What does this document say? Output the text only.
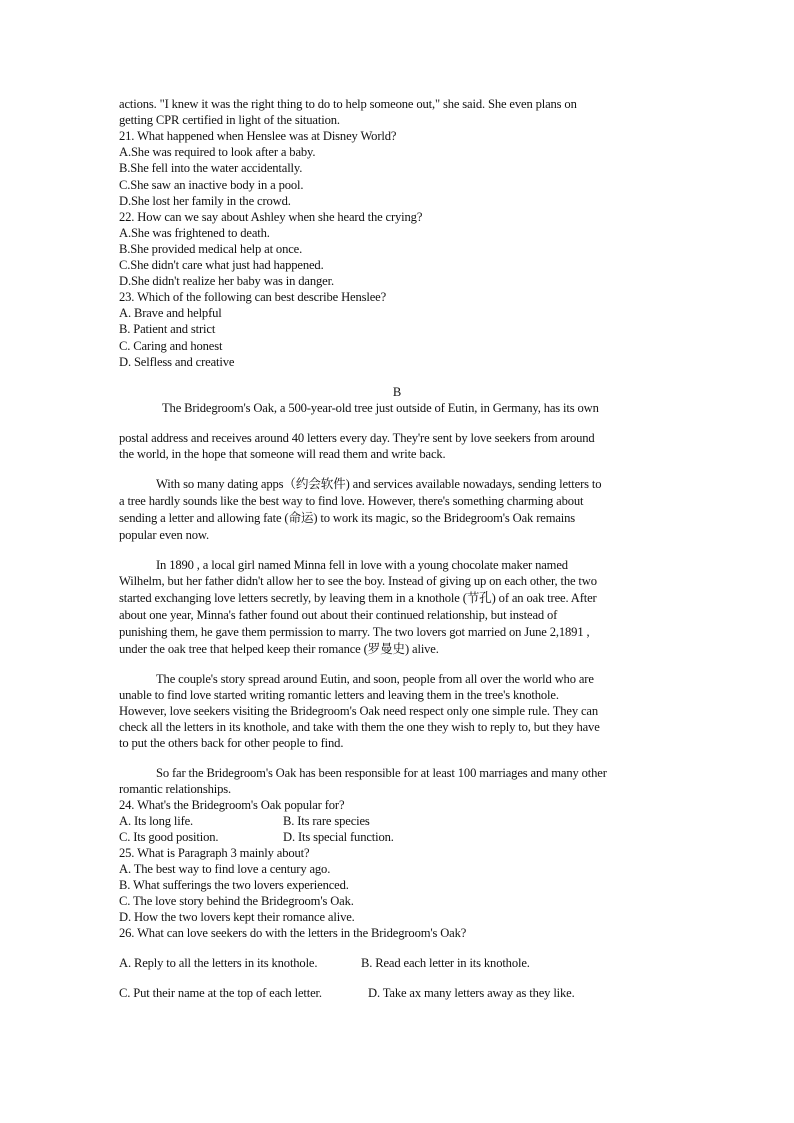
actions. "I knew it was the right thing to do to help someone out," she said. She even plans on
getting CPR certified in light of the situation.
21. What happened when Henslee was at Disney World?
A.She was required to look after a baby.
B.She fell into the water accidentally.
C.She saw an inactive body in a pool.
D.She lost her family in the crowd.
22. How can we say about Ashley when she heard the crying?
A.She was frightened to death.
B.She provided medical help at once.
C.She didn't care what just had happened.
D.She didn't realize her baby was in danger.
23. Which of the following can best describe Henslee?
A. Brave and helpful
B. Patient and strict
C. Caring and honest
D. Selfless and creative
B
The Bridegroom's Oak, a 500-year-old tree just outside of Eutin, in Germany, has its own
postal address and receives around 40 letters every day. They're sent by love seekers from around
the world, in the hope that someone will read them and write back.
With so many dating apps（约会软件) and services available nowadays, sending letters to
a tree hardly sounds like the best way to find love. However, there's something charming about
sending a letter and allowing fate (命运) to work its magic, so the Bridegroom's Oak remains
popular even now.
In 1890 , a local girl named Minna fell in love with a young chocolate maker named
Wilhelm, but her father didn't allow her to see the boy. Instead of giving up on each other, the two
started exchanging love letters secretly, by leaving them in a knothole (节孔) of an oak tree. After
about one year, Minna's father found out about their continued relationship, but instead of
punishing them, he gave them permission to marry. The two lovers got married on June 2,1891 ,
under the oak tree that helped keep their romance (罗曼史) alive.
The couple's story spread around Eutin, and soon, people from all over the world who are
unable to find love started writing romantic letters and leaving them in the tree's knothole.
However, love seekers visiting the Bridegroom's Oak need respect only one simple rule. They can
check all the letters in its knothole, and take with them the one they wish to reply to, but they have
to put the others back for other people to find.
So far the Bridegroom's Oak has been responsible for at least 100 marriages and many other
romantic relationships.
24. What's the Bridegroom's Oak popular for?
A. Its long life.	B. Its rare species
C. Its good position.	D. Its special function.
25. What is Paragraph 3 mainly about?
A. The best way to find love a century ago.
B. What sufferings the two lovers experienced.
C. The love story behind the Bridegroom's Oak.
D. How the two lovers kept their romance alive.
26. What can love seekers do with the letters in the Bridegroom's Oak?
A. Reply to all the letters in its knothole.	B. Read each letter in its knothole.
C. Put their name at the top of each letter.	D. Take ax many letters away as they like.
